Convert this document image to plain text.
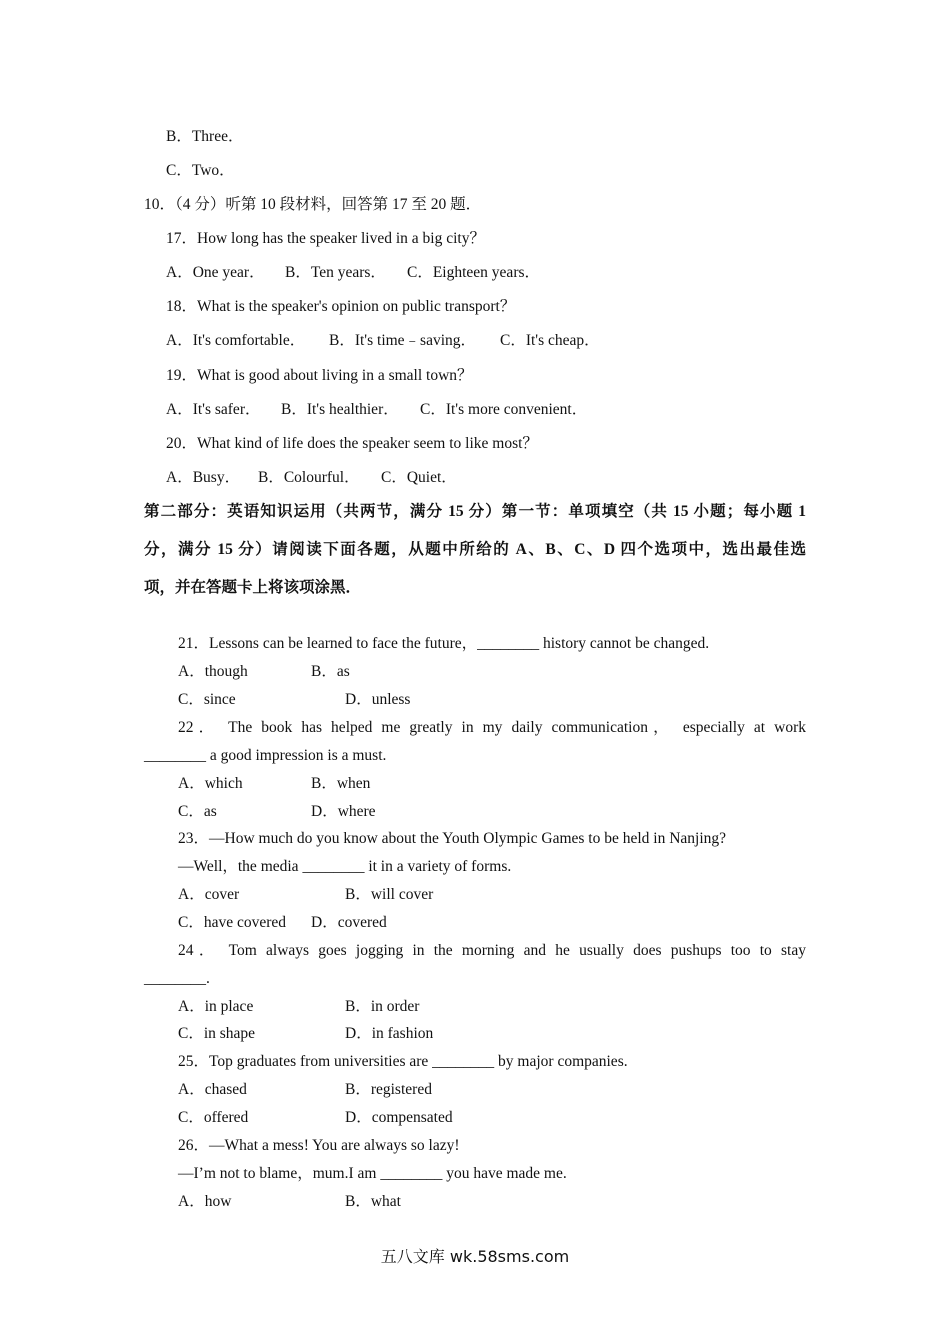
B．Three．
C．Two．
10．（4 分）听第 10 段材料，回答第 17 至 20 题．
17．How long has the speaker lived in a big city？
A．One year． B．Ten years． C．Eighteen years．
18．What is the speaker's opinion on public transport？
A．It's comfortable． B．It's time﹣saving． C．It's cheap．
19．What is good about living in a small town？
A．It's safer． B．It's healthier． C．It's more convenient．
20．What kind of life does the speaker seem to like most？
A．Busy． B．Colourful． C．Quiet．
第二部分：英语知识运用（共两节，满分 15 分）第一节：单项填空（共 15 小题；每小题 1
分，满分 15 分）请阅读下面各题，从题中所给的 A、B、C、D 四个选项中，选出最佳选
项，并在答题卡上将该项涂黑．
21．Lessons can be learned to face the future，________ history cannot be changed.
A．though	B．as
C．since	D．unless
22． The book has helped me greatly in my daily communication， especially at work
________ a good impression is a must.
A．which	B．when
C．as	D．where
23．—How much do you know about the Youth Olympic Games to be held in Nanjing?
—Well，the media ________ it in a variety of forms.
A．cover	B．will cover
C．have covered D．covered
24． Tom always goes jogging in the morning and he usually does pushups too to stay
________.
A．in place	B．in order
C．in shape	D．in fashion
25．Top graduates from universities are ________ by major companies.
A．chased	B．registered
C．offered	D．compensated
26．—What a mess! You are always so lazy!
—I’m not to blame，mum.I am ________ you have made me.
A．how	B．what
五八文库 wk.58sms.com
